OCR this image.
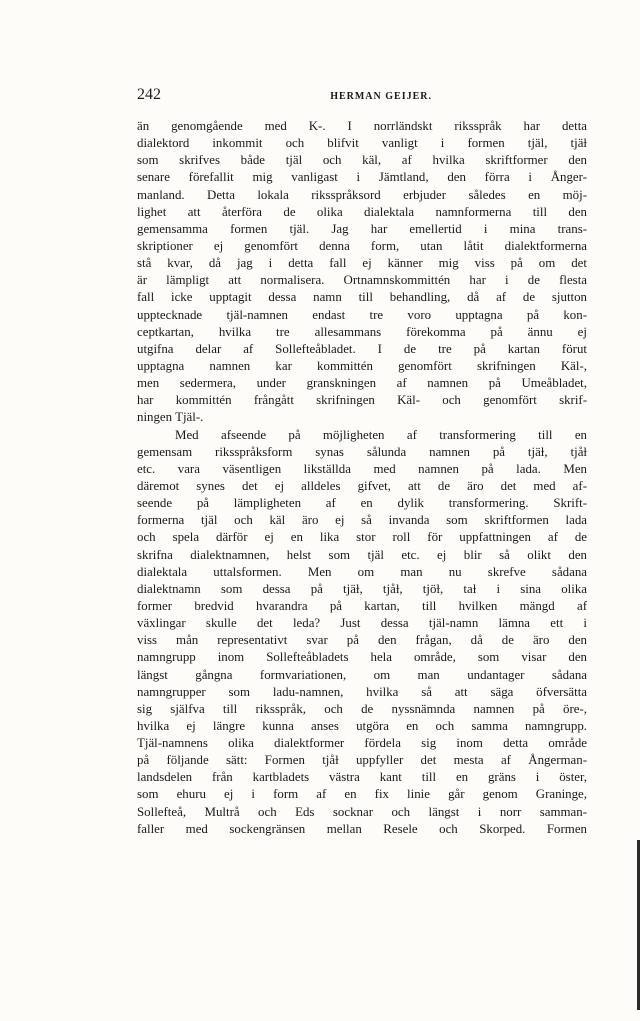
242	HERMAN GEIJER.
än genomgående med K-. I norrländskt riksspråk har detta
dialektord inkommit och blifvit vanligt i formen tjäl, tjäɫ
som skrifves både tjäl och käl, af hvilka skriftformer den
senare förefallit mig vanligast i Jämtland, den förra i Ånger-
manland. Detta lokala riksspråksord erbjuder således en möj-
lighet att återföra de olika dialektala namnformerna till den
gemensamma formen tjäl. Jag har emellertid i mina trans-
skriptioner ej genomfört denna form, utan låtit dialektformerna
stå kvar, då jag i detta fall ej känner mig viss på om det
är lämpligt att normalisera. Ortnamnskommittén har i de flesta
fall icke upptagit dessa namn till behandling, då af de sjutton
upptecknade tjäl-namnen endast tre voro upptagna på kon-
ceptkartan, hvilka tre allesammans förekomma på ännu ej
utgifna delar af Sollefteåbladet. I de tre på kartan förut
upptagna namnen kar kommittén genomfört skrifningen Käl-,
men sedermera, under granskningen af namnen på Umeåbladet,
har kommittén frångått skrifningen Käl- och genomfört skrif-
ningen Tjäl-.
Med afseende på möjligheten af transformering till en
gemensam riksspråksform synas sålunda namnen på tjäɫ, tjåɫ
etc. vara väsentligen likställda med namnen på lada. Men
däremot synes det ej alldeles gifvet, att de äro det med af-
seende på lämpligheten af en dylik transformering. Skrift-
formerna tjäl och käl äro ej så invanda som skriftformen lada
och spela därför ej en lika stor roll för uppfattningen af de
skrifna dialektnamnen, helst som tjäl etc. ej blir så olikt den
dialektala uttalsformen. Men om man nu skrefve sådana
dialektnamn som dessa på tjäɫ, tjåɫ, tjöɫ, taɫ i sina olika
former bredvid hvarandra på kartan, till hvilken mängd af
växlingar skulle det leda? Just dessa tjäl-namn lämna ett i
viss mån representativt svar på den frågan, då de äro den
namngrupp inom Sollefteåbladets hela område, som visar den
längst gångna formvariationen, om man undantager sådana
namngrupper som ladu-namnen, hvilka så att säga öfversätta
sig själfva till riksspråk, och de nyssnämnda namnen på öre-,
hvilka ej längre kunna anses utgöra en och samma namngrupp.
Tjäl-namnens olika dialektformer fördela sig inom detta område
på följande sätt: Formen tjåɫ uppfyller det mesta af Ångerman-
landsdelen från kartbladets västra kant till en gräns i öster,
som ehuru ej i form af en fix linie går genom Graninge,
Sollefteå, Multrå och Eds socknar och längst i norr samman-
faller med sockengränsen mellan Resele och Skorped. Formen
